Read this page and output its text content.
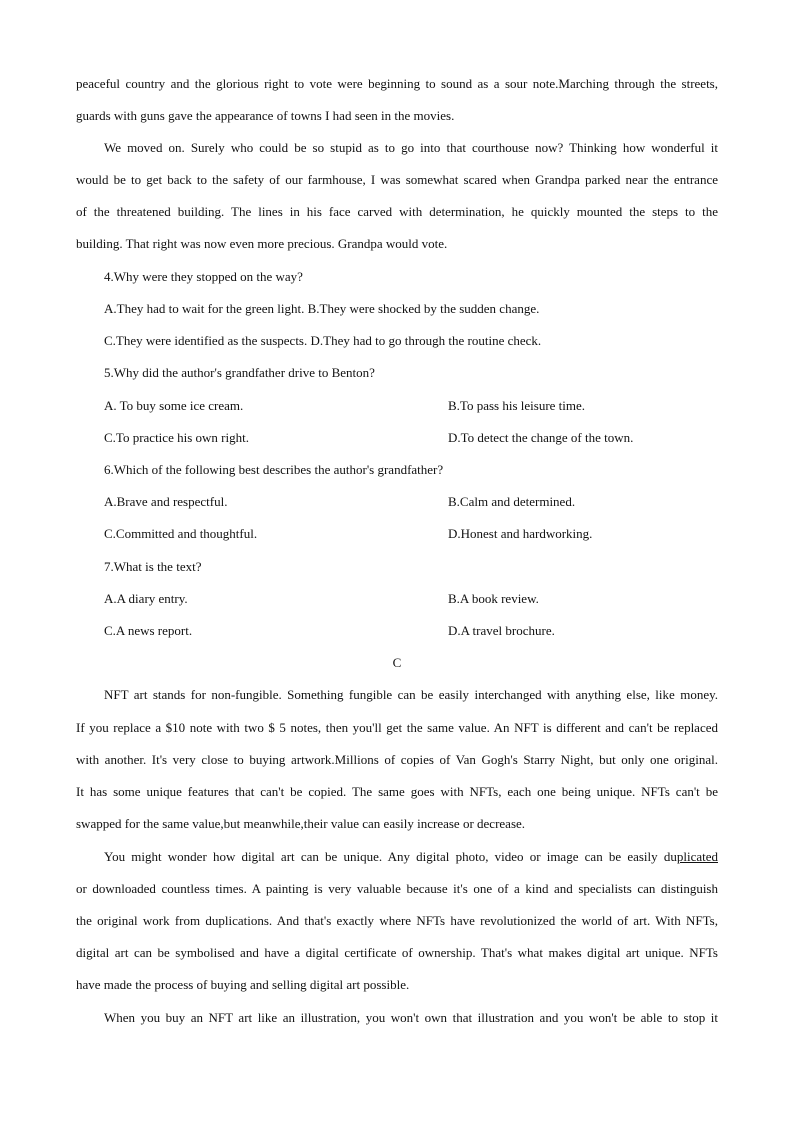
peaceful country and the glorious right to vote were beginning to sound as a sour note.Marching through the streets,
guards with guns gave the appearance of towns I had seen in the movies.
We moved on. Surely who could be so stupid as to go into that courthouse now? Thinking how wonderful it
would be to get back to the safety of our farmhouse, I was somewhat scared when Grandpa parked near the entrance
of the threatened building. The lines in his face carved with determination, he quickly mounted the steps to the
building. That right was now even more precious. Grandpa would vote.
4.Why were they stopped on the way?
A.They had to wait for the green light. B.They were shocked by the sudden change.
C.They were identified as the suspects. D.They had to go through the routine check.
5.Why did the author's grandfather drive to Benton?
A. To buy some ice cream.	B.To pass his leisure time.
C.To practice his own right.	D.To detect the change of the town.
6.Which of the following best describes the author's grandfather?
A.Brave and respectful.	B.Calm and determined.
C.Committed and thoughtful.	D.Honest and hardworking.
7.What is the text?
A.A diary entry.	B.A book review.
C.A news report.	D.A travel brochure.
C
NFT art stands for non-fungible. Something fungible can be easily interchanged with anything else, like money.
If you replace a $10 note with two $ 5 notes, then you'll get the same value. An NFT is different and can't be replaced
with another. It's very close to buying artwork.Millions of copies of Van Gogh's Starry Night, but only one original.
It has some unique features that can't be copied. The same goes with NFTs, each one being unique. NFTs can't be
swapped for the same value,but meanwhile,their value can easily increase or decrease.
You might wonder how digital art can be unique. Any digital photo, video or image can be easily duplicated
or downloaded countless times. A painting is very valuable because it's one of a kind and specialists can distinguish
the original work from duplications. And that's exactly where NFTs have revolutionized the world of art. With NFTs,
digital art can be symbolised and have a digital certificate of ownership. That's what makes digital art unique. NFTs
have made the process of buying and selling digital art possible.
When you buy an NFT art like an illustration, you won't own that illustration and you won't be able to stop it
